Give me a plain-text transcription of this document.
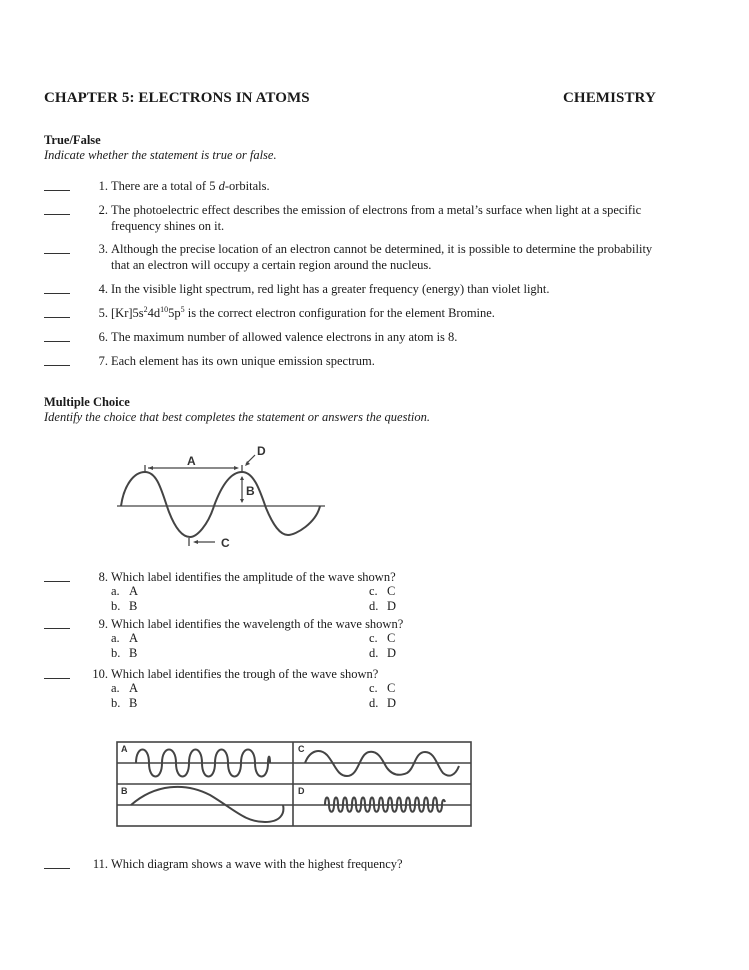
CHAPTER 5: ELECTRONS IN ATOMS	CHEMISTRY
True/False
Indicate whether the statement is true or false.
1. There are a total of 5 d-orbitals.
2. The photoelectric effect describes the emission of electrons from a metal’s surface when light at a specific
frequency shines on it.
3. Although the precise location of an electron cannot be determined, it is possible to determine the probability
that an electron will occupy a certain region around the nucleus.
4. In the visible light spectrum, red light has a greater frequency (energy) than violet light.
5. $[Kr]5s^24d^{10}5p^5$ is the correct electron configuration for the element Bromine.
6. The maximum number of allowed valence electrons in any atom is 8.
7. Each element has its own unique emission spectrum.
Multiple Choice
Identify the choice that best completes the statement or answers the question.
A
B
C
D
8. Which label identifies the amplitude of the wave shown?
a. A
b. B
c. C
d. D
9. Which label identifies the wavelength of the wave shown?
a. A
b. B
c. C
d. D
10. Which label identifies the trough of the wave shown?
a. A
b. B
c. C
d. D
A
B
C
D
11. Which diagram shows a wave with the highest frequency?
